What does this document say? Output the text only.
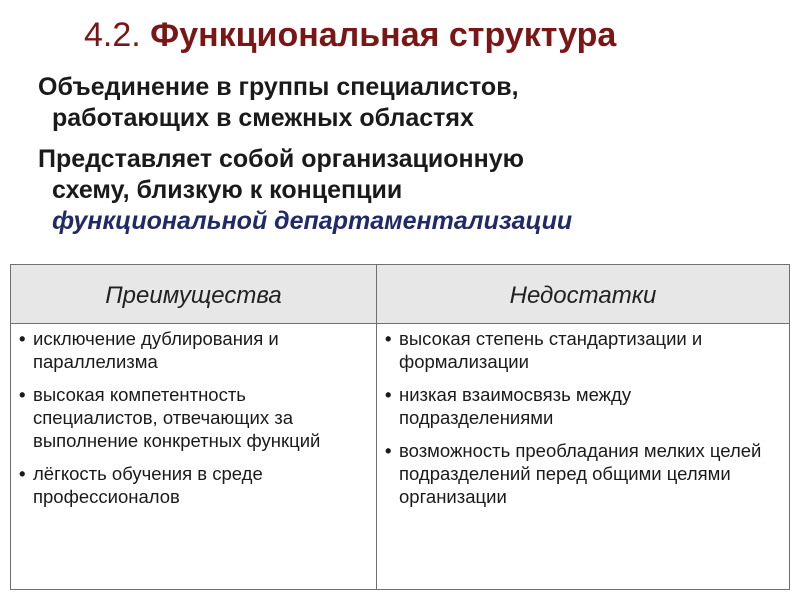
4.2. Функциональная структура
Объединение в группы специалистов,
работающих в смежных областях
Представляет собой организационную
схему, близкую к концепции
функциональной департаментализации
Преимущества	Недостатки
• исключение дублирования и параллелизма
• высокая компетентность специалистов, отвечающих за выполнение конкретных функций
• лёгкость обучения в среде профессионалов
• высокая степень стандартизации и формализации
• низкая взаимосвязь между подразделениями
• возможность преобладания мелких целей подразделений перед общими целями организации
